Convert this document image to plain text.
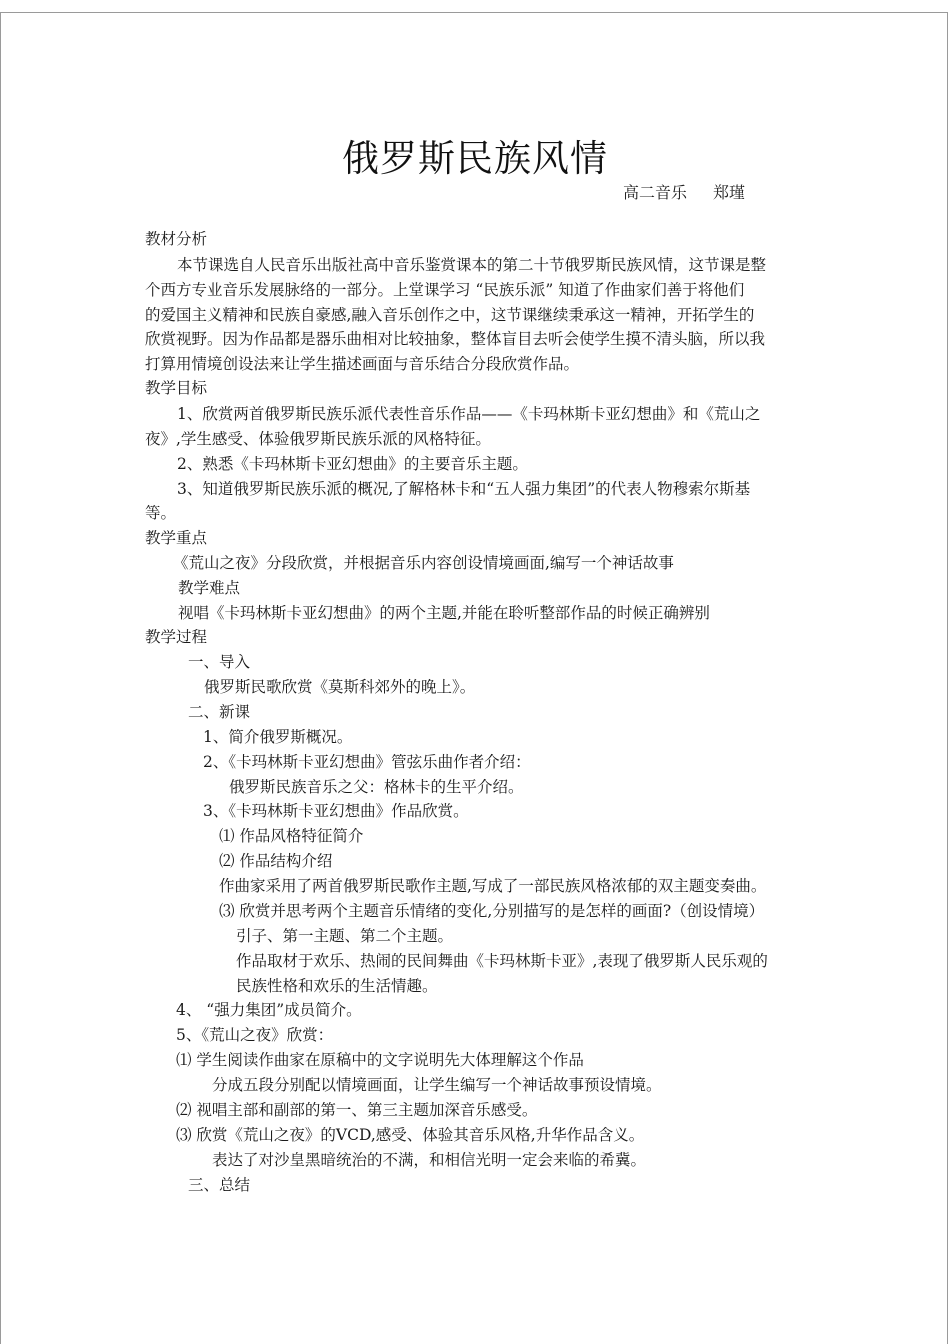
俄罗斯民族风情
高二音乐 郑瑾
教材分析
本节课选自人民音乐出版社高中音乐鉴赏课本的第二十节俄罗斯民族风情，这节课是整
个西方专业音乐发展脉络的一部分。上堂课学习 “民族乐派” 知道了作曲家们善于将他们
的爱国主义精神和民族自豪感,融入音乐创作之中，这节课继续秉承这一精神，开拓学生的
欣赏视野。因为作品都是器乐曲相对比较抽象，整体盲目去听会使学生摸不清头脑，所以我
打算用情境创设法来让学生描述画面与音乐结合分段欣赏作品。
教学目标
1、欣赏两首俄罗斯民族乐派代表性音乐作品——《卡玛林斯卡亚幻想曲》和《荒山之
夜》,学生感受、体验俄罗斯民族乐派的风格特征。
2、熟悉《卡玛林斯卡亚幻想曲》的主要音乐主题。
3、知道俄罗斯民族乐派的概况,了解格林卡和“五人强力集团”的代表人物穆索尔斯基
等。
教学重点
《荒山之夜》分段欣赏，并根据音乐内容创设情境画面,编写一个神话故事
教学难点
视唱《卡玛林斯卡亚幻想曲》的两个主题,并能在聆听整部作品的时候正确辨别
教学过程
一、导入
俄罗斯民歌欣赏《莫斯科郊外的晚上》。
二、新课
1、简介俄罗斯概况。
2、《卡玛林斯卡亚幻想曲》管弦乐曲作者介绍：
俄罗斯民族音乐之父：格林卡的生平介绍。
3、《卡玛林斯卡亚幻想曲》作品欣赏。
⑴ 作品风格特征简介
⑵ 作品结构介绍
作曲家采用了两首俄罗斯民歌作主题,写成了一部民族风格浓郁的双主题变奏曲。
⑶ 欣赏并思考两个主题音乐情绪的变化,分别描写的是怎样的画面?（创设情境）
引子、第一主题、第二个主题。
作品取材于欢乐、热闹的民间舞曲《卡玛林斯卡亚》,表现了俄罗斯人民乐观的
民族性格和欢乐的生活情趣。
4、 “强力集团”成员简介。
5、《荒山之夜》欣赏：
⑴ 学生阅读作曲家在原稿中的文字说明先大体理解这个作品
分成五段分别配以情境画面，让学生编写一个神话故事预设情境。
⑵ 视唱主部和副部的第一、第三主题加深音乐感受。
⑶ 欣赏《荒山之夜》的VCD,感受、体验其音乐风格,升华作品含义。
表达了对沙皇黑暗统治的不满，和相信光明一定会来临的希冀。
三、总结
